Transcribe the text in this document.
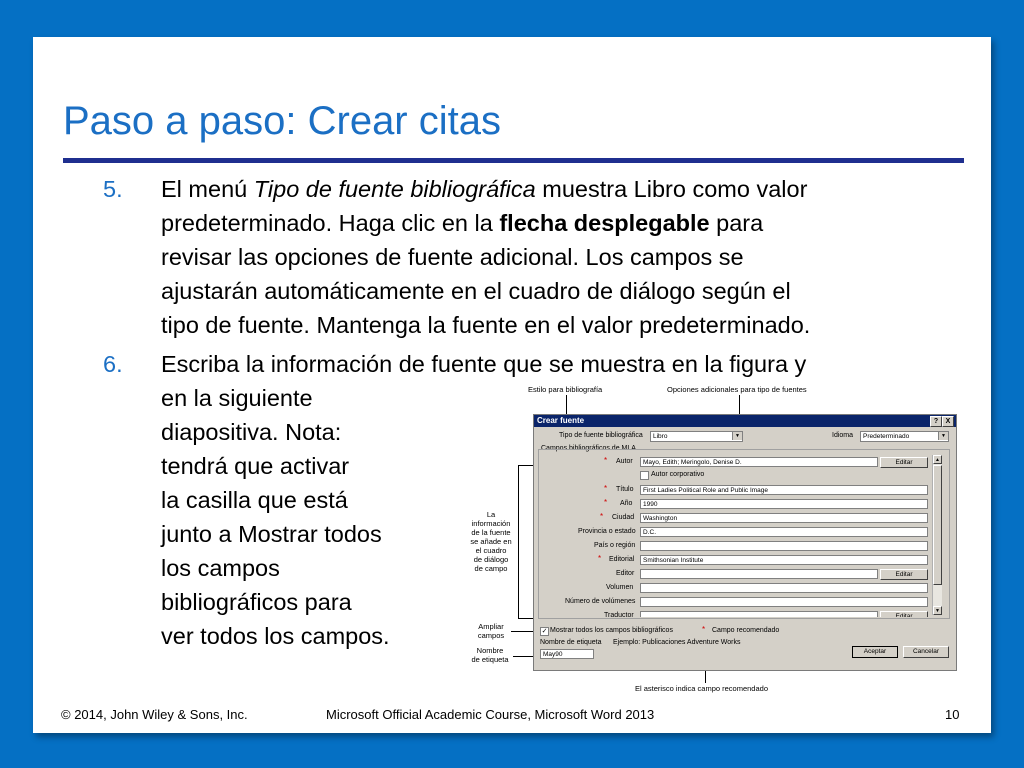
Paso a paso: Crear citas
5. El menú Tipo de fuente bibliográfica muestra Libro como valor
predeterminado. Haga clic en la flecha desplegable para
revisar las opciones de fuente adicional. Los campos se
ajustarán automáticamente en el cuadro de diálogo según el
tipo de fuente. Mantenga la fuente en el valor predeterminado.
6. Escriba la información de fuente que se muestra en la figura y
en la siguiente
diapositiva. Nota:
tendrá que activar
la casilla que está
junto a Mostrar todos
los campos
bibliográficos para
ver todos los campos.
Estilo para bibliografía	Opciones adicionales para tipo de fuentes
La
información
de la fuente
se añade en
el cuadro
de diálogo
de campo
Ampliar
campos
Nombre
de etiqueta
El asterisco indica campo recomendado
Crear fuente	?	X
Tipo de fuente bibliográfica	Libro	▼	Idioma	Predeterminado	▼
Campos bibliográficos de MLA
* Autor	Mayo, Edith; Meringolo, Denise D.	Editar
Autor corporativo
* Título	First Ladies Political Role and Public Image
* Año	1990
* Ciudad	Washington
Provincia o estado	D.C.
País o región
* Editorial	Smithsonian Institute
Editor	Editar
Volumen
Número de volúmenes
Traductor	Editar
▲
▼
✓ Mostrar todos los campos bibliográficos	* Campo recomendado
Nombre de etiqueta Ejemplo: Publicaciones Adventure Works
May90	Aceptar	Cancelar
© 2014, John Wiley & Sons, Inc.	Microsoft Official Academic Course, Microsoft Word 2013	10
